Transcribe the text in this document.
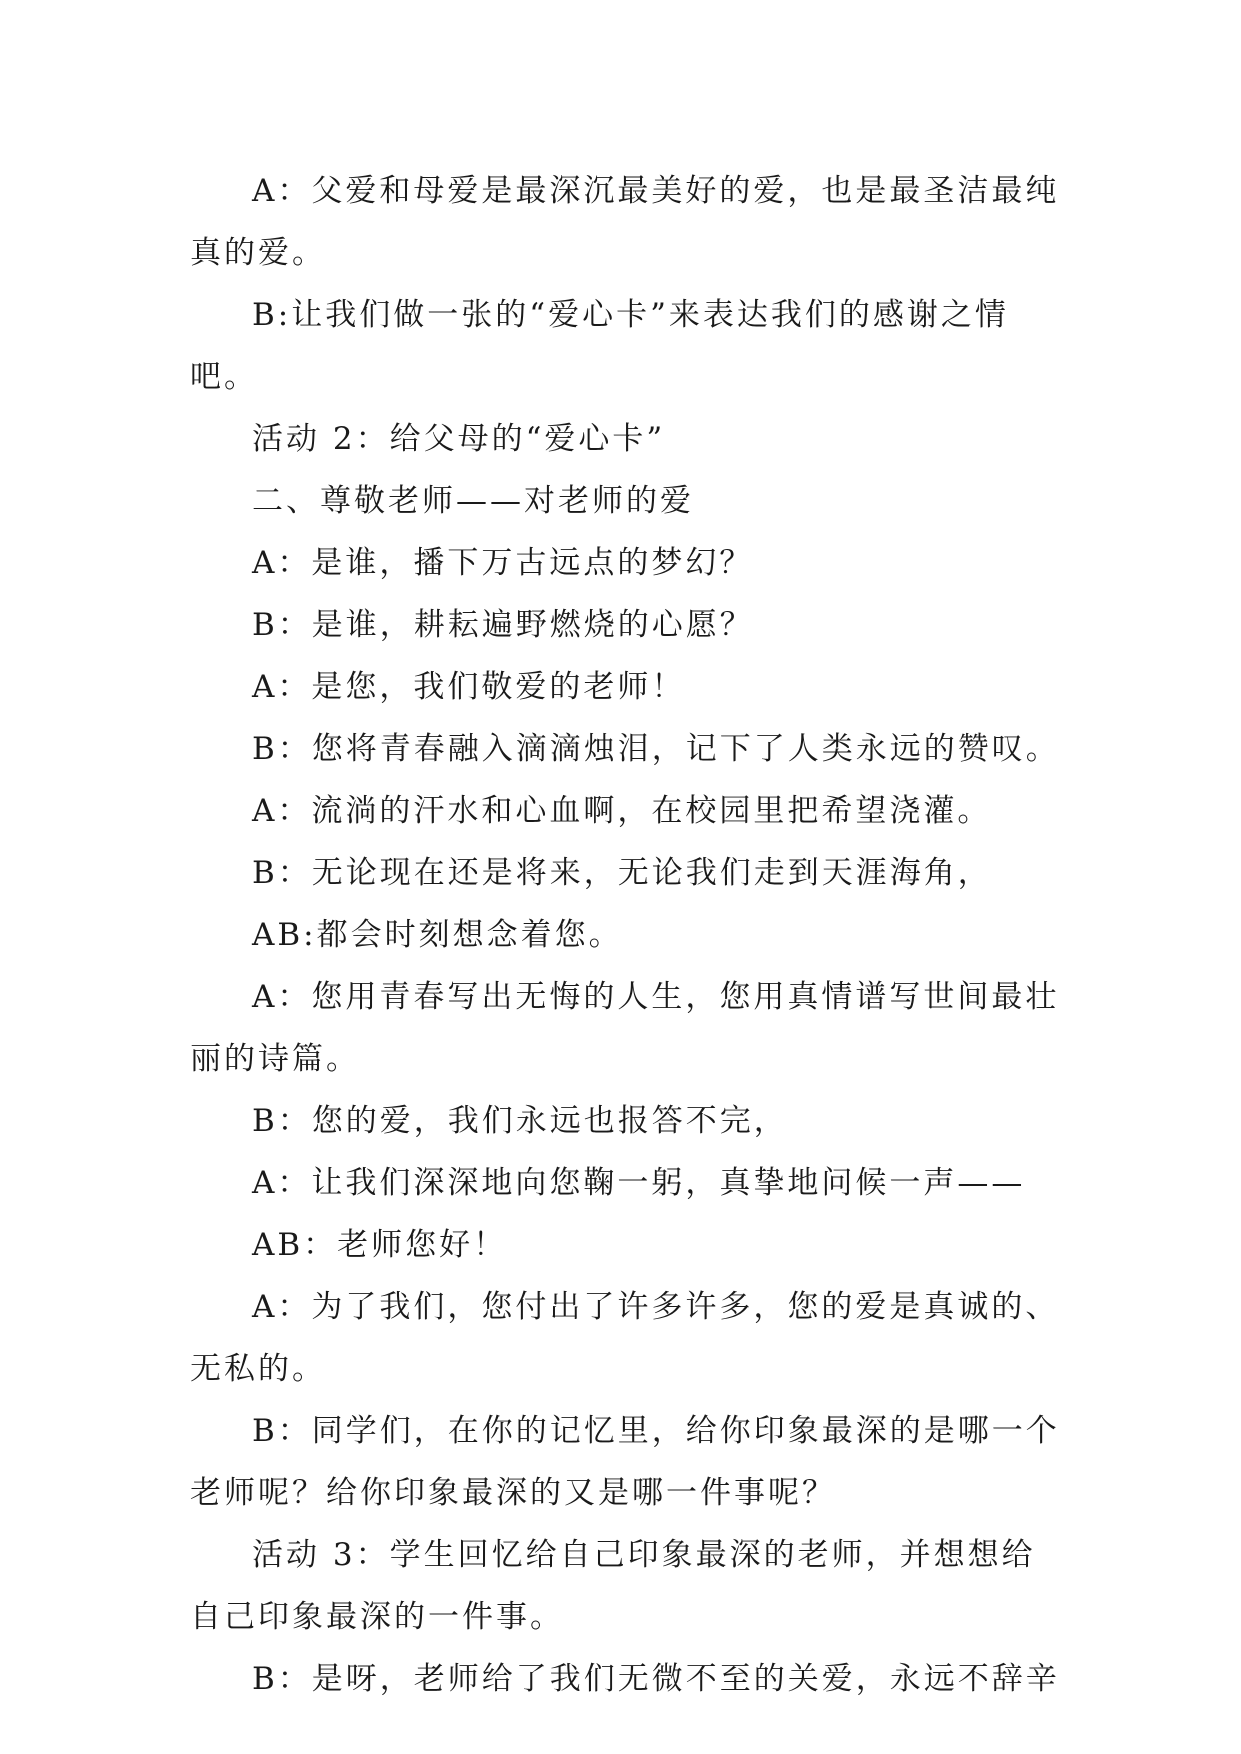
A：父爱和母爱是最深沉最美好的爱，也是最圣洁最纯真的爱。

B:让我们做一张的“爱心卡”来表达我们的感谢之情吧。

活动 2：给父母的“爱心卡”

二、尊敬老师——对老师的爱

A：是谁，播下万古远点的梦幻？

B：是谁，耕耘遍野燃烧的心愿？

A：是您，我们敬爱的老师！

B：您将青春融入滴滴烛泪，记下了人类永远的赞叹。

A：流淌的汗水和心血啊，在校园里把希望浇灌。

B：无论现在还是将来，无论我们走到天涯海角，

AB:都会时刻想念着您。

A：您用青春写出无悔的人生，您用真情谱写世间最壮丽的诗篇。

B：您的爱，我们永远也报答不完，

A：让我们深深地向您鞠一躬，真挚地问候一声——

AB：老师您好！

A：为了我们，您付出了许多许多，您的爱是真诚的、无私的。

B：同学们，在你的记忆里，给你印象最深的是哪一个老师呢？给你印象最深的又是哪一件事呢？

活动 3：学生回忆给自己印象最深的老师，并想想给自己印象最深的一件事。

B：是呀，老师给了我们无微不至的关爱，永远不辞辛
